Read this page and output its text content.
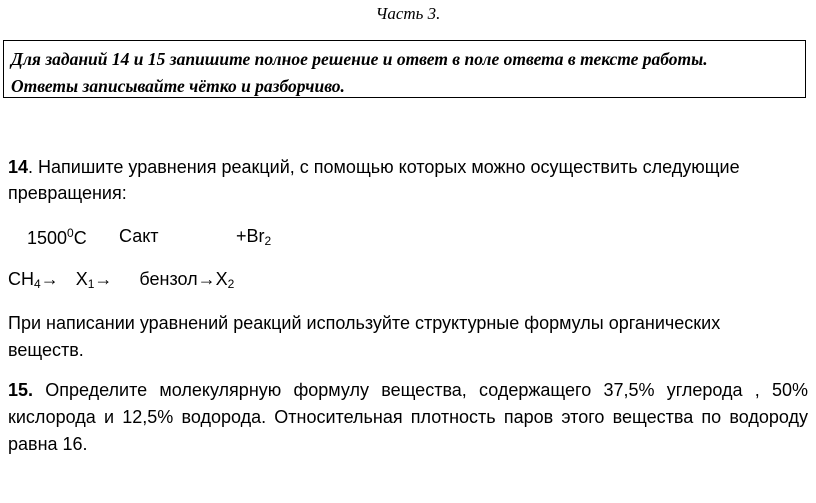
Часть 3.
Для заданий 14 и 15 запишите полное решение и ответ в поле ответа в тексте работы.
Ответы записывайте чётко и разборчиво.
14. Напишите уравнения реакций, с помощью которых можно осуществить следующие
превращения:
1500$^0$С Сакт	$+Br_2$
$CH_4\to X_1\to$ $бензол\to X_2$
При написании уравнений реакций используйте структурные формулы органических
веществ.
15. Определите молекулярную формулу вещества, содержащего 37,5% углерода , 50%
кислорода и 12,5% водорода. Относительная плотность паров этого вещества по водороду
равна 16.
